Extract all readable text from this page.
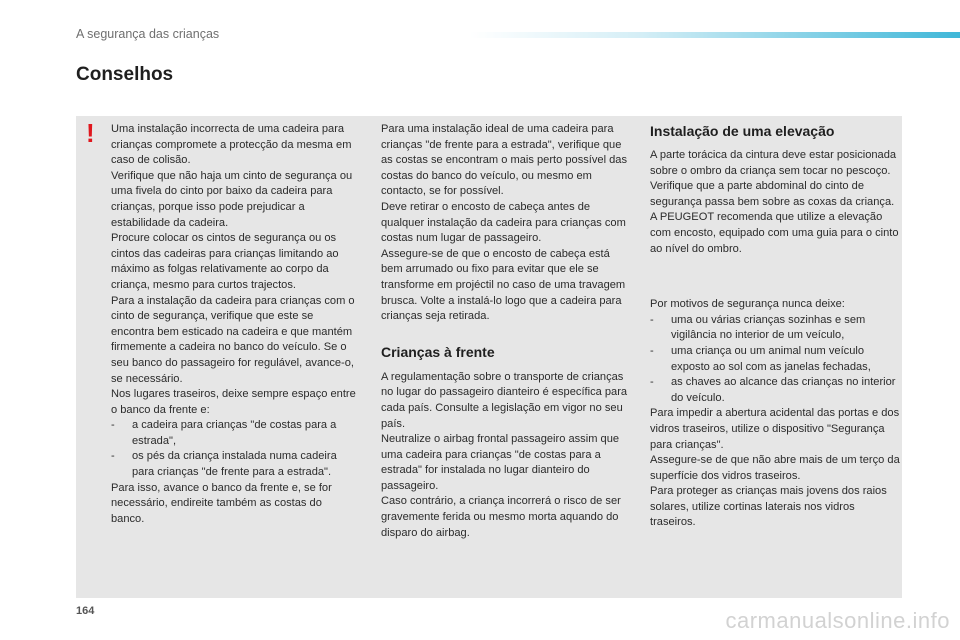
A segurança das crianças
Conselhos
! Uma instalação incorrecta de uma cadeira para crianças compromete a protecção da mesma em caso de colisão.

Verifique que não haja um cinto de segurança ou uma fivela do cinto por baixo da cadeira para crianças, porque isso pode prejudicar a estabilidade da cadeira.

Procure colocar os cintos de segurança ou os cintos das cadeiras para crianças limitando ao máximo as folgas relativamente ao corpo da criança, mesmo para curtos trajectos.

Para a instalação da cadeira para crianças com o cinto de segurança, verifique que este se encontra bem esticado na cadeira e que mantém firmemente a cadeira no banco do veículo. Se o seu banco do passageiro for regulável, avance-o, se necessário.

Nos lugares traseiros, deixe sempre espaço entre o banco da frente e:

- a cadeira para crianças "de costas para a estrada",

- os pés da criança instalada numa cadeira para crianças "de frente para a estrada".

Para isso, avance o banco da frente e, se for necessário, endireite também as costas do banco.

Para uma instalação ideal de uma cadeira para crianças "de frente para a estrada", verifique que as costas se encontram o mais perto possível das costas do banco do veículo, ou mesmo em contacto, se for possível.

Deve retirar o encosto de cabeça antes de qualquer instalação da cadeira para crianças com costas num lugar de passageiro.

Assegure-se de que o encosto de cabeça está bem arrumado ou fixo para evitar que ele se transforme em projéctil no caso de uma travagem brusca. Volte a instalá-lo logo que a cadeira para crianças seja retirada.

Crianças à frente

A regulamentação sobre o transporte de crianças no lugar do passageiro dianteiro é específica para cada país. Consulte a legislação em vigor no seu país.

Neutralize o airbag frontal passageiro assim que uma cadeira para crianças "de costas para a estrada" for instalada no lugar dianteiro do passageiro.

Caso contrário, a criança incorrerá o risco de ser gravemente ferida ou mesmo morta aquando do disparo do airbag.

Instalação de uma elevação

A parte torácica da cintura deve estar posicionada sobre o ombro da criança sem tocar no pescoço.

Verifique que a parte abdominal do cinto de segurança passa bem sobre as coxas da criança.

A PEUGEOT recomenda que utilize a elevação com encosto, equipado com uma guia para o cinto ao nível do ombro.

Por motivos de segurança nunca deixe:

- uma ou várias crianças sozinhas e sem vigilância no interior de um veículo,

- uma criança ou um animal num veículo exposto ao sol com as janelas fechadas,

- as chaves ao alcance das crianças no interior do veículo.

Para impedir a abertura acidental das portas e dos vidros traseiros, utilize o dispositivo "Segurança para crianças".

Assegure-se de que não abre mais de um terço da superfície dos vidros traseiros.

Para proteger as crianças mais jovens dos raios solares, utilize cortinas laterais nos vidros traseiros.

164	carmanualsonline.info
